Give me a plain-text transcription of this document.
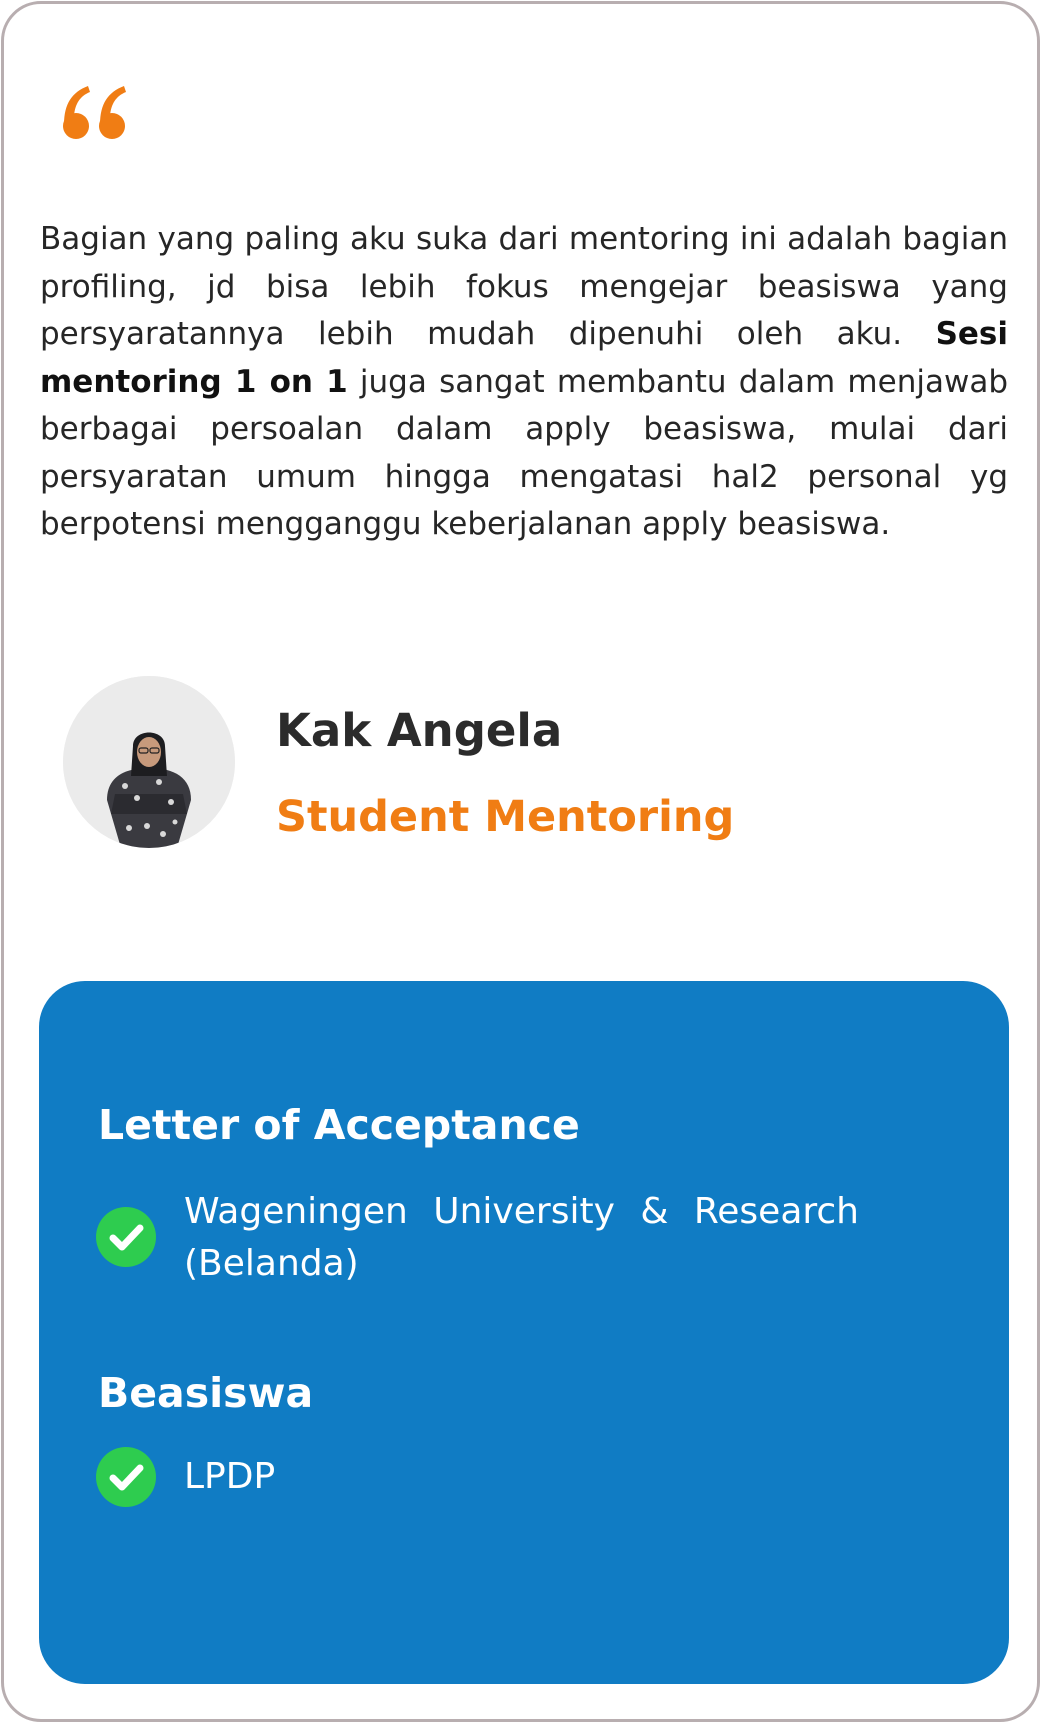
Bagian yang paling aku suka dari mentoring ini adalah bagian profiling, jd bisa lebih fokus mengejar beasiswa yang persyaratannya lebih mudah dipenuhi oleh aku. Sesi mentoring 1 on 1 juga sangat membantu dalam menjawab berbagai persoalan dalam apply beasiswa, mulai dari persyaratan umum hingga mengatasi hal2 personal yg berpotensi mengganggu keberjalanan apply beasiswa.

Kak Angela
Student Mentoring
Letter of Acceptance
Wageningen University & Research (Belanda)
Beasiswa
LPDP
